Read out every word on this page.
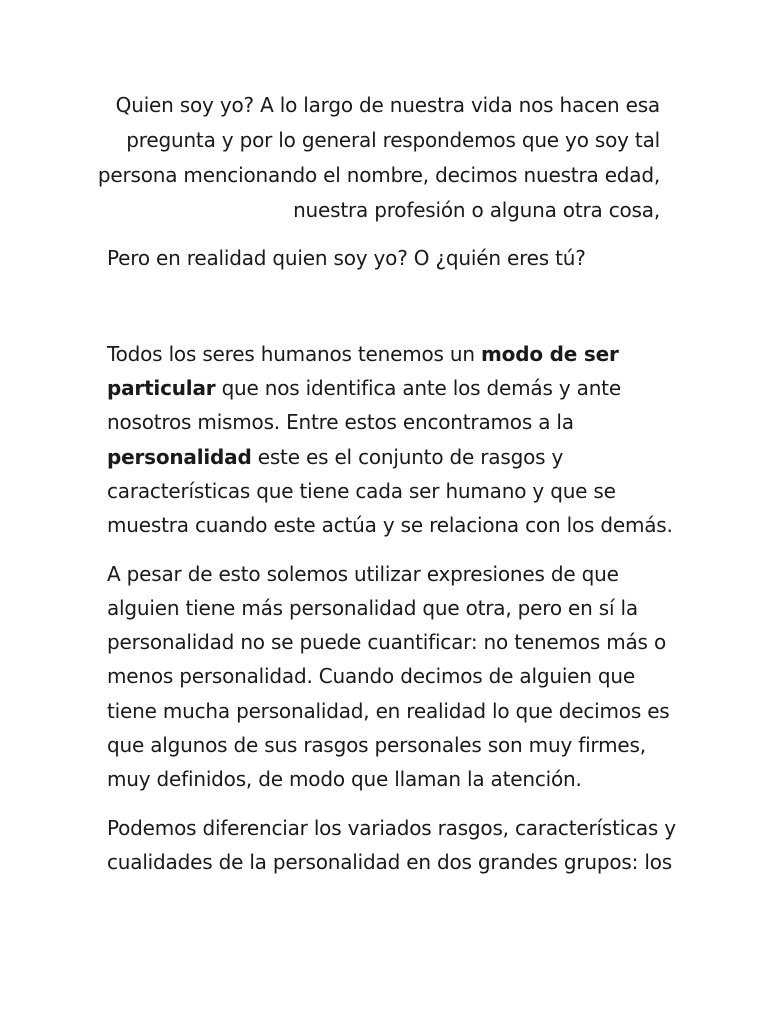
Quien soy yo? A lo largo de nuestra vida nos hacen esa
pregunta y por lo general respondemos que yo soy tal
persona mencionando el nombre, decimos nuestra edad,
nuestra profesión o alguna otra cosa,
Pero en realidad quien soy yo? O ¿quién eres tú?
Todos los seres humanos tenemos un modo de ser
particular que nos identifica ante los demás y ante
nosotros mismos. Entre estos encontramos a la
personalidad este es el conjunto de rasgos y
características que tiene cada ser humano y que se
muestra cuando este actúa y se relaciona con los demás.
A pesar de esto solemos utilizar expresiones de que
alguien tiene más personalidad que otra, pero en sí la
personalidad no se puede cuantificar: no tenemos más o
menos personalidad. Cuando decimos de alguien que
tiene mucha personalidad, en realidad lo que decimos es
que algunos de sus rasgos personales son muy firmes,
muy definidos, de modo que llaman la atención.
Podemos diferenciar los variados rasgos, características y
cualidades de la personalidad en dos grandes grupos: los
